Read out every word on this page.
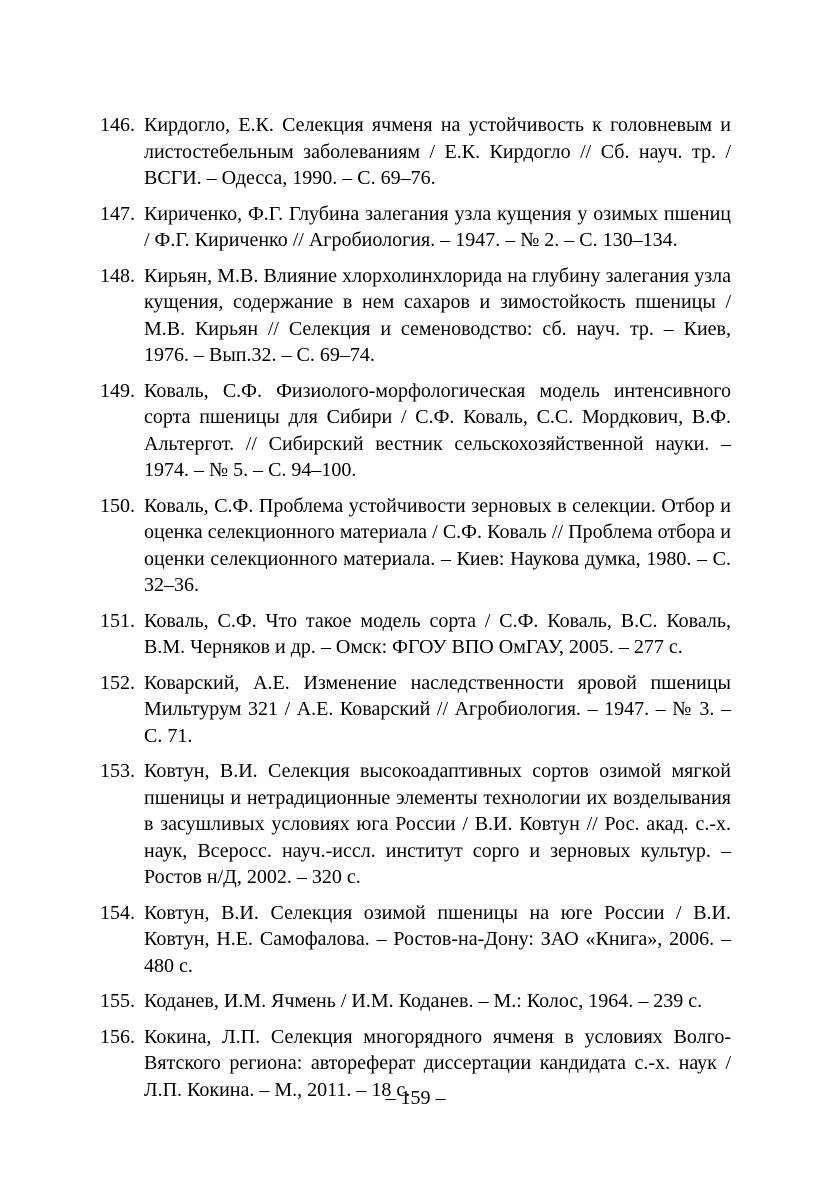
146. Кирдогло, Е.К. Селекция ячменя на устойчивость к головневым и листостебельным заболеваниям / Е.К. Кирдогло // Сб. науч. тр. / ВСГИ. – Одесса, 1990. – С. 69–76.
147. Кириченко, Ф.Г. Глубина залегания узла кущения у озимых пшениц / Ф.Г. Кириченко // Агробиология. – 1947. – № 2. – С. 130–134.
148. Кирьян, М.В. Влияние хлорхолинхлорида на глубину залегания узла кущения, содержание в нем сахаров и зимостойкость пшеницы / М.В. Кирьян // Селекция и семеноводство: сб. науч. тр. – Киев, 1976. – Вып.32. – С. 69–74.
149. Коваль, С.Ф. Физиолого-морфологическая модель интенсивного сорта пшеницы для Сибири / С.Ф. Коваль, С.С. Мордкович, В.Ф. Альтергот. // Сибирский вестник сельскохозяйственной науки. – 1974. – № 5. – С. 94–100.
150. Коваль, С.Ф. Проблема устойчивости зерновых в селекции. Отбор и оценка селекционного материала / С.Ф. Коваль // Проблема отбора и оценки селекционного материала. – Киев: Наукова думка, 1980. – С. 32–36.
151. Коваль, С.Ф. Что такое модель сорта / С.Ф. Коваль, В.С. Коваль, В.М. Черняков и др. – Омск: ФГОУ ВПО ОмГАУ, 2005. – 277 с.
152. Коварский, А.Е. Изменение наследственности яровой пшеницы Мильтурум 321 / А.Е. Коварский // Агробиология. – 1947. – № 3. – С. 71.
153. Ковтун, В.И. Селекция высокоадаптивных сортов озимой мягкой пшеницы и нетрадиционные элементы технологии их возделывания в засушливых условиях юга России / В.И. Ковтун // Рос. акад. с.-х. наук, Всеросс. науч.-иссл. институт сорго и зерновых культур. – Ростов н/Д, 2002. – 320 с.
154. Ковтун, В.И. Селекция озимой пшеницы на юге России / В.И. Ковтун, Н.Е. Самофалова. – Ростов-на-Дону: ЗАО «Книга», 2006. – 480 с.
155. Коданев, И.М. Ячмень / И.М. Коданев. – М.: Колос, 1964. – 239 с.
156. Кокина, Л.П. Селекция многорядного ячменя в условиях Волго-Вятского региона: автореферат диссертации кандидата с.-х. наук / Л.П. Кокина. – М., 2011. – 18 с.
– 159 –
